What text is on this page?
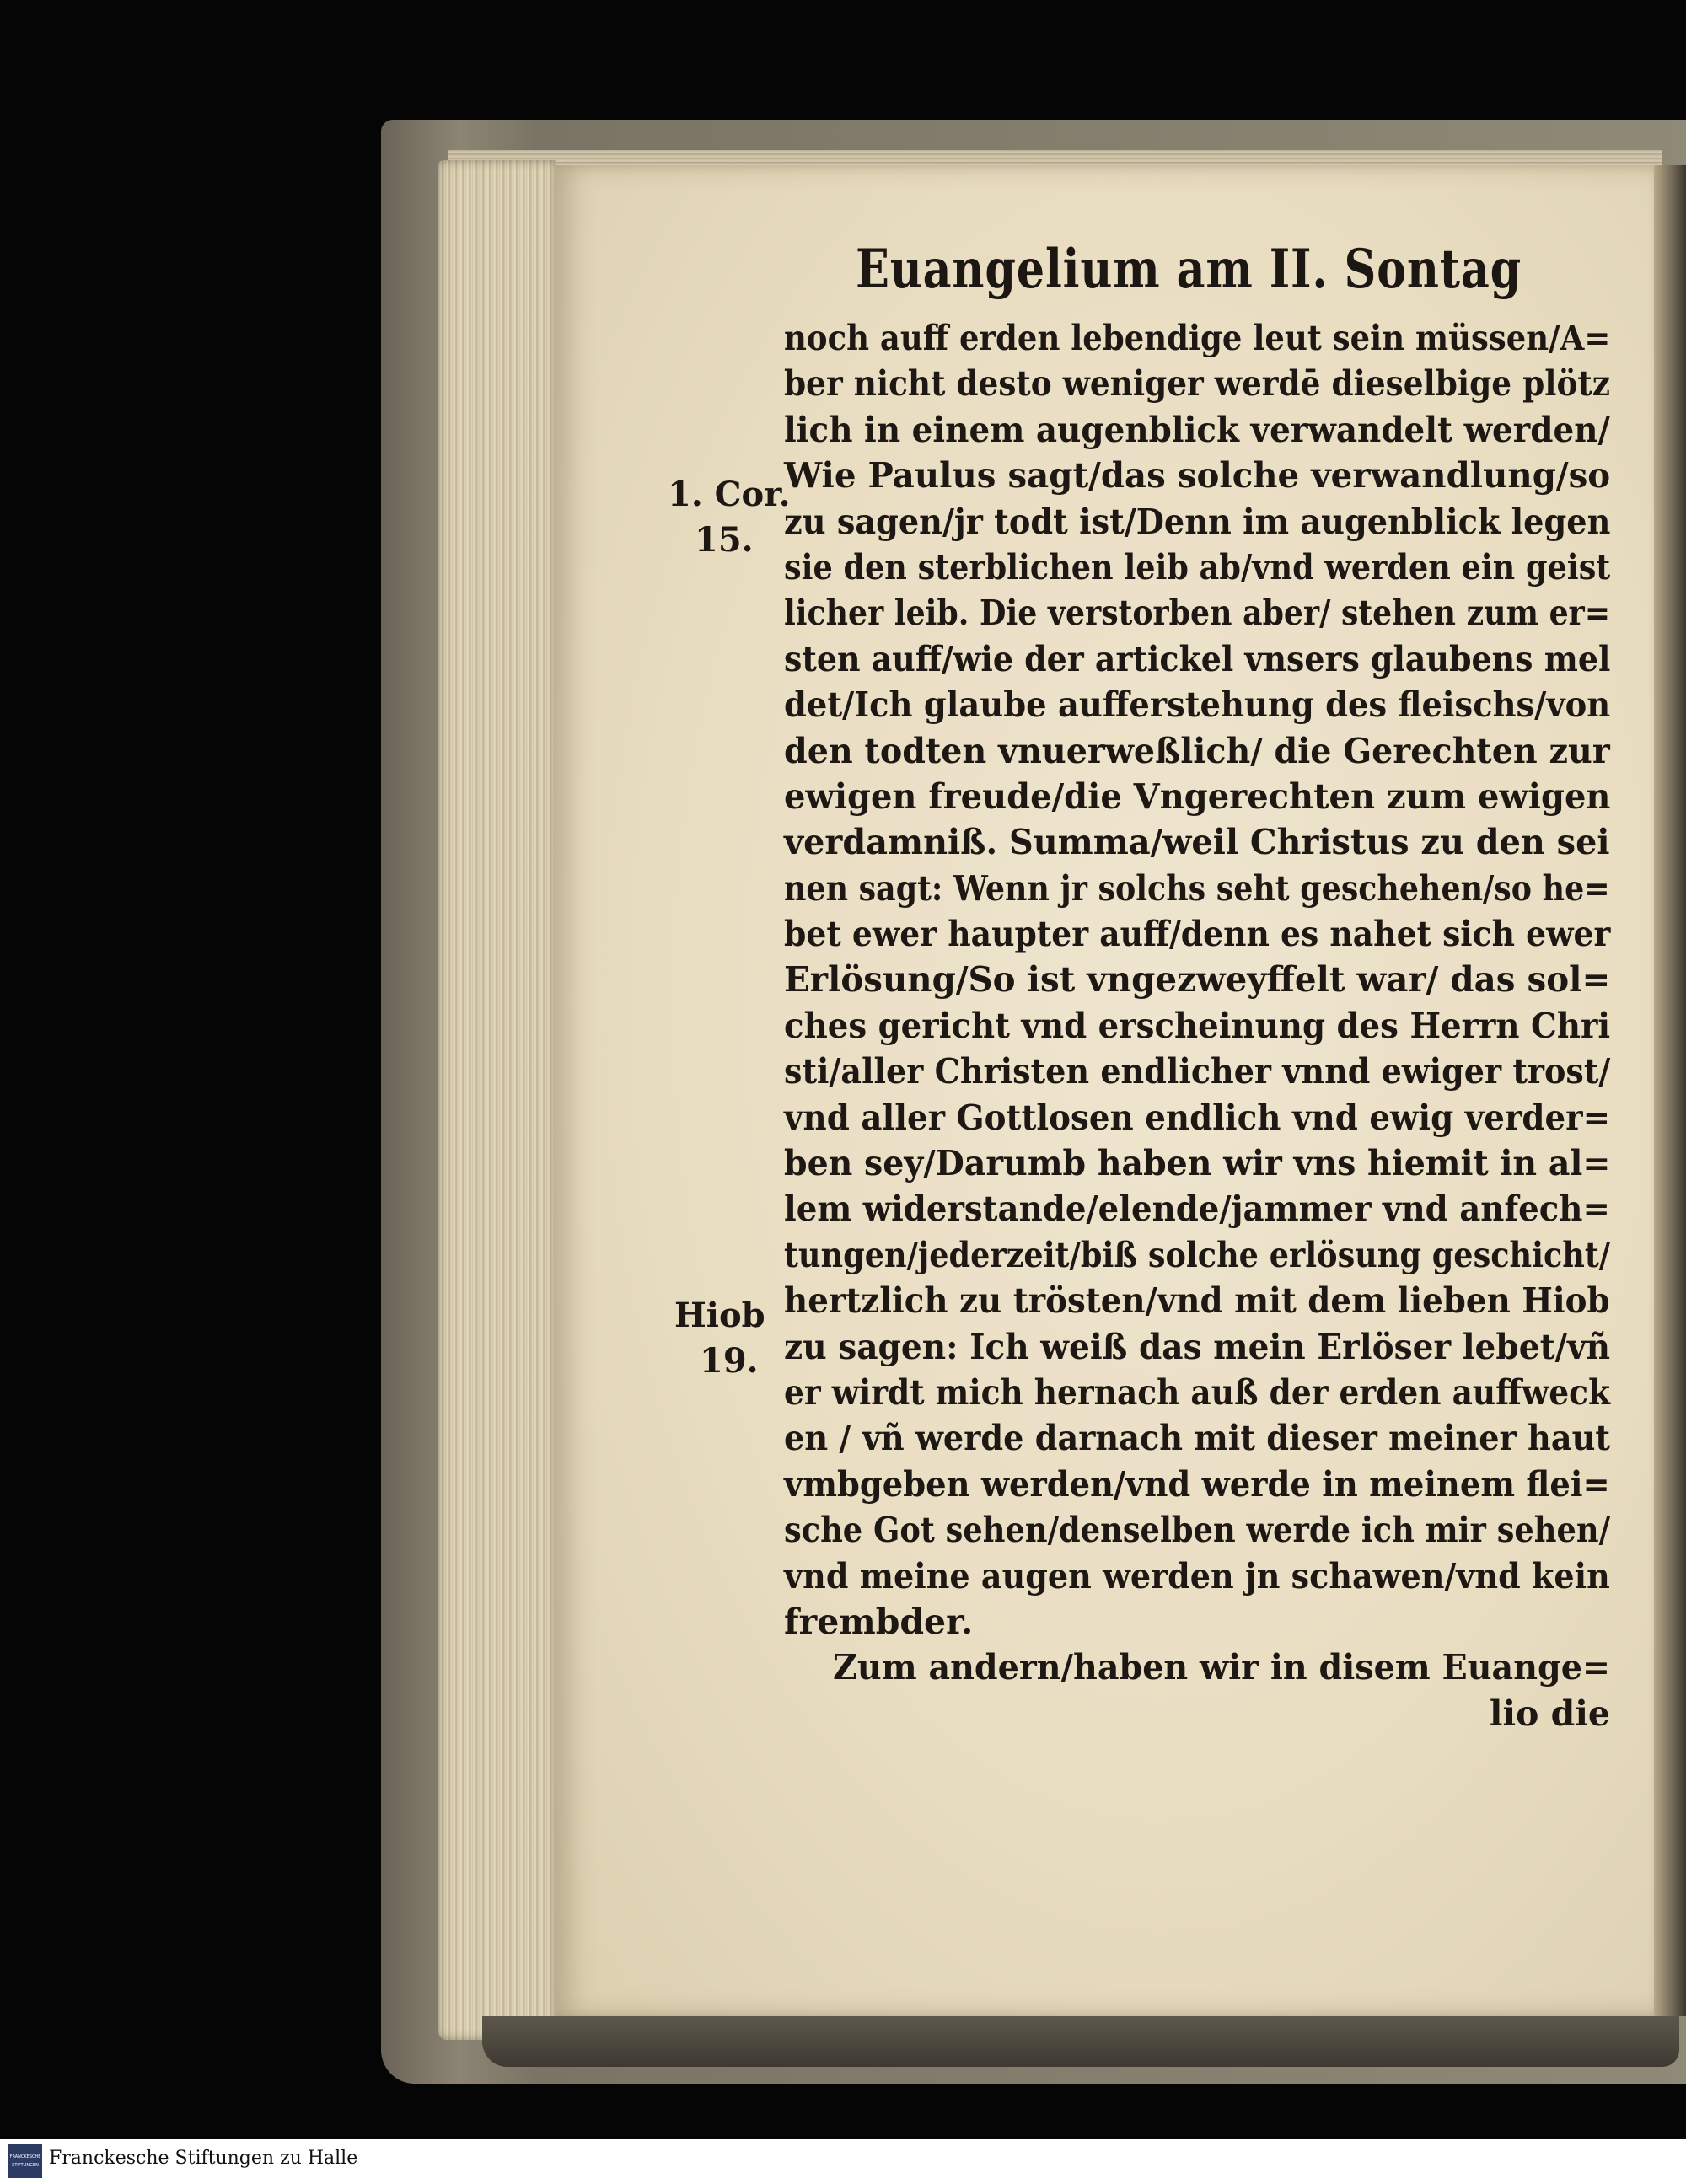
Euangelium am II. Sontag
1. Cor.
15.
Hiob
19.
noch auff erden lebendige leut sein müssen/A=
ber nicht desto weniger werdē dieselbige plötz
lich in einem augenblick verwandelt werden/
Wie Paulus sagt/das solche verwandlung/so
zu sagen/jr todt ist/Denn im augenblick legen
sie den sterblichen leib ab/vnd werden ein geist
licher leib. Die verstorben aber/ stehen zum er=
sten auff/wie der artickel vnsers glaubens mel
det/Ich glaube aufferstehung des fleischs/von
den todten vnuerweßlich/ die Gerechten zur
ewigen freude/die Vngerechten zum ewigen
verdamniß. Summa/weil Christus zu den sei
nen sagt: Wenn jr solchs seht geschehen/so he=
bet ewer haupter auff/denn es nahet sich ewer
Erlösung/So ist vngezweyffelt war/ das sol=
ches gericht vnd erscheinung des Herrn Chri
sti/aller Christen endlicher vnnd ewiger trost/
vnd aller Gottlosen endlich vnd ewig verder=
ben sey/Darumb haben wir vns hiemit in al=
lem widerstande/elende/jammer vnd anfech=
tungen/jederzeit/biß solche erlösung geschicht/
hertzlich zu trösten/vnd mit dem lieben Hiob
zu sagen: Ich weiß das mein Erlöser lebet/vñ
er wirdt mich hernach auß der erden auffweck
en / vñ werde darnach mit dieser meiner haut
vmbgeben werden/vnd werde in meinem flei=
sche Got sehen/denselben werde ich mir sehen/
vnd meine augen werden jn schawen/vnd kein
frembder.
Zum andern/haben wir in disem Euange=
lio die
FRANCKESCHE STIFTUNGEN Franckesche Stiftungen zu Halle
